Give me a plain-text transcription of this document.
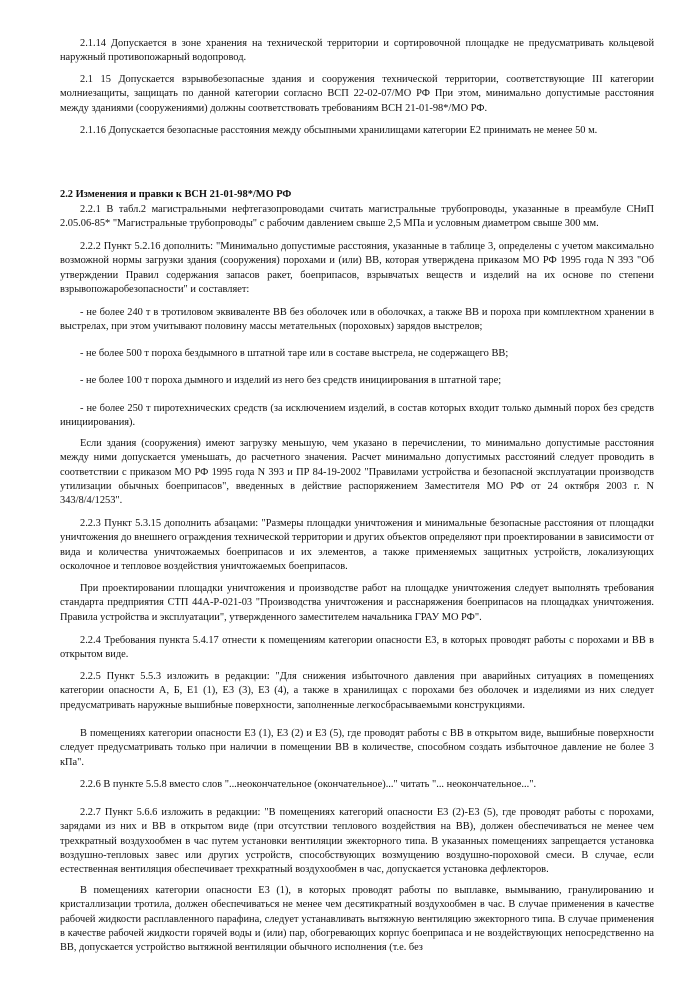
2.1.14 Допускается в зоне хранения на технической территории и сортировочной площадке не предусматривать кольцевой наружный противопожарный водопровод.

2.1 15 Допускается взрывобезопасные здания и сооружения технической территории, соответствующие III категории молниезащиты, защищать по данной категории согласно ВСП 22-02-07/МО РФ При этом, минимально допустимые расстояния между зданиями (сооружениями) должны соответствовать требованиям ВСН 21-01-98*/МО РФ.

2.1.16 Допускается безопасные расстояния между обсыпными хранилищами категории Е2 принимать не менее 50 м.

2.2 Изменения и правки к ВСН 21-01-98*/МО РФ

2.2.1 В табл.2 магистральными нефтегазопроводами считать магистральные трубопроводы, указанные в преамбуле СНиП 2.05.06-85* "Магистральные трубопроводы" с рабочим давлением свыше 2,5 МПа и условным диаметром свыше 300 мм.

2.2.2 Пункт 5.2.16 дополнить: "Минимально допустимые расстояния, указанные в таблице 3, определены с учетом максимально возможной нормы загрузки здания (сооружения) порохами и (или) ВВ, которая утверждена приказом МО РФ 1995 года N 393 "Об утверждении Правил содержания запасов ракет, боеприпасов, взрывчатых веществ и изделий на их основе по степени взрывопожаробезопасности" и составляет:

- не более 240 т в тротиловом эквиваленте ВВ без оболочек или в оболочках, а также ВВ и пороха при комплектном хранении в выстрелах, при этом учитывают половину массы метательных (пороховых) зарядов выстрелов;

- не более 500 т пороха бездымного в штатной таре или в составе выстрела, не содержащего ВВ;

- не более 100 т пороха дымного и изделий из него без средств инициирования в штатной таре;

- не более 250 т пиротехнических средств (за исключением изделий, в состав которых входит только дымный порох без средств инициирования).

Если здания (сооружения) имеют загрузку меньшую, чем указано в перечислении, то минимально допустимые расстояния между ними допускается уменьшать, до расчетного значения. Расчет минимально допустимых расстояний следует проводить в соответствии с приказом МО РФ 1995 года N 393 и ПР 84-19-2002 "Правилами устройства и безопасной эксплуатации производств утилизации обычных боеприпасов", введенных в действие распоряжением Заместителя МО РФ от 24 октября 2003 г. N 343/8/4/1253".

2.2.3 Пункт 5.3.15 дополнить абзацами: "Размеры площадки уничтожения и минимальные безопасные расстояния от площадки уничтожения до внешнего ограждения технической территории и других объектов определяют при проектировании в зависимости от вида и количества уничтожаемых боеприпасов и их элементов, а также применяемых защитных устройств, локализующих осколочное и тепловое воздействия уничтожаемых боеприпасов.

При проектировании площадки уничтожения и производстве работ на площадке уничтожения следует выполнять требования стандарта предприятия СТП 44А-Р-021-03 "Производства уничтожения и расснаряжения боеприпасов на площадках уничтожения. Правила устройства и эксплуатации", утвержденного заместителем начальника ГРАУ МО РФ".

2.2.4 Требования пункта 5.4.17 отнести к помещениям категории опасности Е3, в которых проводят работы с порохами и ВВ в открытом виде.

2.2.5 Пункт 5.5.3 изложить в редакции: "Для снижения избыточного давления при аварийных ситуациях в помещениях категории опасности А, Б, Е1 (1), Е3 (3), Е3 (4), а также в хранилищах с порохами без оболочек и изделиями из них следует предусматривать наружные вышибные поверхности, заполненные легкосбрасываемыми конструкциями.

В помещениях категории опасности Е3 (1), Е3 (2) и Е3 (5), где проводят работы с ВВ в открытом виде, вышибные поверхности следует предусматривать только при наличии в помещении ВВ в количестве, способном создать избыточное давление не более 3 кПа".

2.2.6 В пункте 5.5.8 вместо слов "...неокончательное (окончательное)..." читать "... неокончательное...".

2.2.7 Пункт 5.6.6 изложить в редакции: "В помещениях категорий опасности Е3 (2)-Е3 (5), где проводят работы с порохами, зарядами из них и ВВ в открытом виде (при отсутствии теплового воздействия на ВВ), должен обеспечиваться не менее чем трехкратный воздухообмен в час путем установки вентиляции эжекторного типа. В указанных помещениях запрещается установка воздушно-тепловых завес или других устройств, способствующих возмущению воздушно-пороховой смеси. В случае, если естественная вентиляция обеспечивает трехкратный воздухообмен в час, допускается установка дефлекторов.

В помещениях категории опасности Е3 (1), в которых проводят работы по выплавке, вымыванию, гранулированию и кристаллизации тротила, должен обеспечиваться не менее чем десятикратный воздухообмен в час. В случае применения в качестве рабочей жидкости расплавленного парафина, следует устанавливать вытяжную вентиляцию эжекторного типа. В случае применения в качестве рабочей жидкости горячей воды и (или) пар, обогревающих корпус боеприпаса и не воздействующих непосредственно на ВВ, допускается устройство вытяжной вентиляции обычного исполнения (т.е. без
